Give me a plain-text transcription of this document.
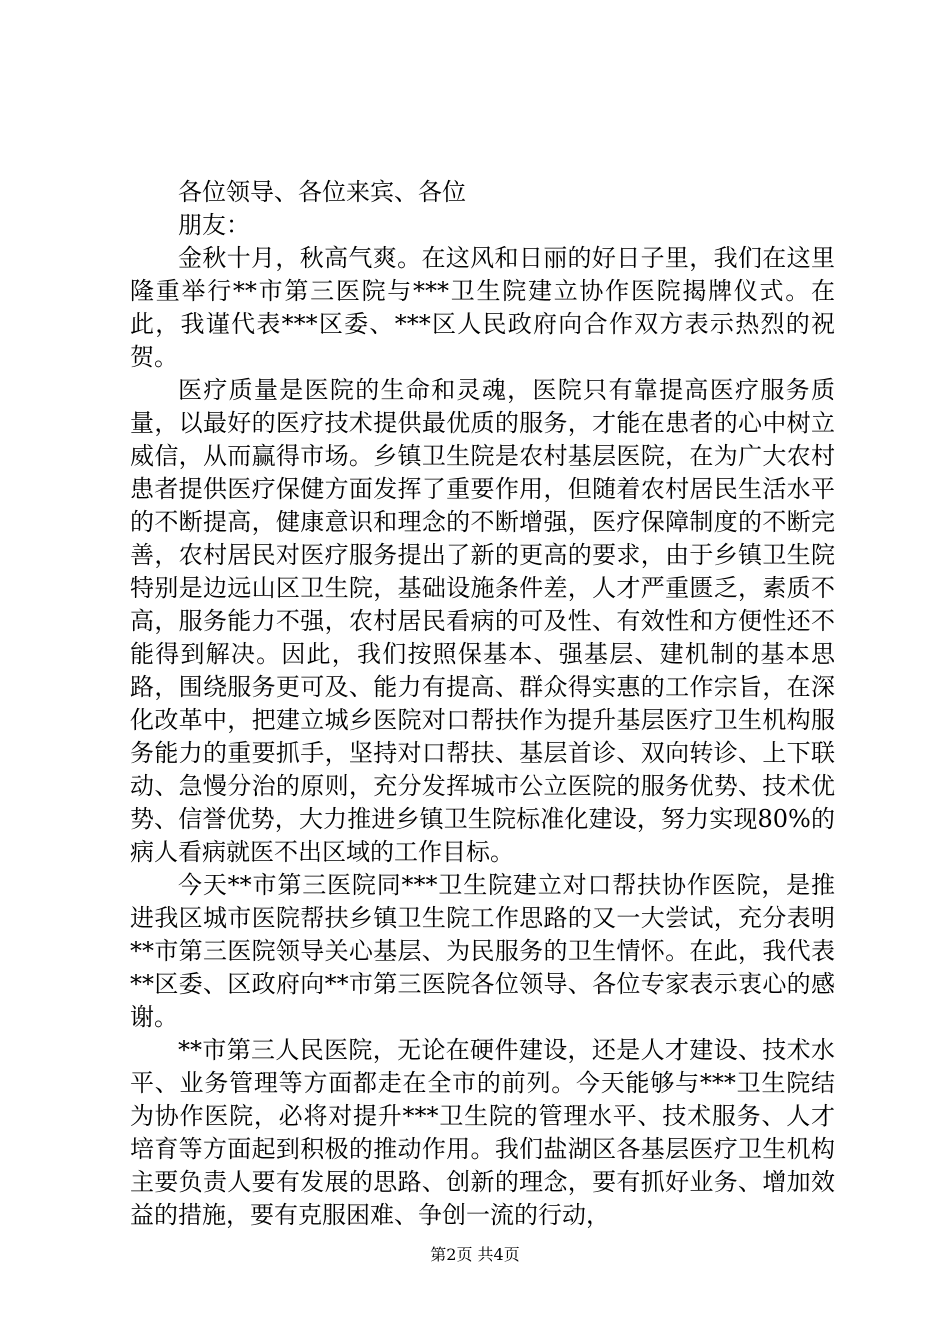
各位领导、各位来宾、各位

朋友：

金秋十月，秋高气爽。在这风和日丽的好日子里，我们在这里隆重举行**市第三医院与***卫生院建立协作医院揭牌仪式。在此，我谨代表***区委、***区人民政府向合作双方表示热烈的祝贺。

医疗质量是医院的生命和灵魂，医院只有靠提高医疗服务质量，以最好的医疗技术提供最优质的服务，才能在患者的心中树立威信，从而赢得市场。乡镇卫生院是农村基层医院，在为广大农村患者提供医疗保健方面发挥了重要作用，但随着农村居民生活水平的不断提高，健康意识和理念的不断增强，医疗保障制度的不断完善，农村居民对医疗服务提出了新的更高的要求，由于乡镇卫生院特别是边远山区卫生院，基础设施条件差，人才严重匮乏，素质不高，服务能力不强，农村居民看病的可及性、有效性和方便性还不能得到解决。因此，我们按照保基本、强基层、建机制的基本思路，围绕服务更可及、能力有提高、群众得实惠的工作宗旨，在深化改革中，把建立城乡医院对口帮扶作为提升基层医疗卫生机构服务能力的重要抓手，坚持对口帮扶、基层首诊、双向转诊、上下联动、急慢分治的原则，充分发挥城市公立医院的服务优势、技术优势、信誉优势，大力推进乡镇卫生院标准化建设，努力实现80%的病人看病就医不出区域的工作目标。

今天**市第三医院同***卫生院建立对口帮扶协作医院，是推进我区城市医院帮扶乡镇卫生院工作思路的又一大尝试，充分表明**市第三医院领导关心基层、为民服务的卫生情怀。在此，我代表**区委、区政府向**市第三医院各位领导、各位专家表示衷心的感谢。

**市第三人民医院，无论在硬件建设，还是人才建设、技术水平、业务管理等方面都走在全市的前列。今天能够与***卫生院结为协作医院，必将对提升***卫生院的管理水平、技术服务、人才培育等方面起到积极的推动作用。我们盐湖区各基层医疗卫生机构主要负责人要有发展的思路、创新的理念，要有抓好业务、增加效益的措施，要有克服困难、争创一流的行动，

第2页 共4页
